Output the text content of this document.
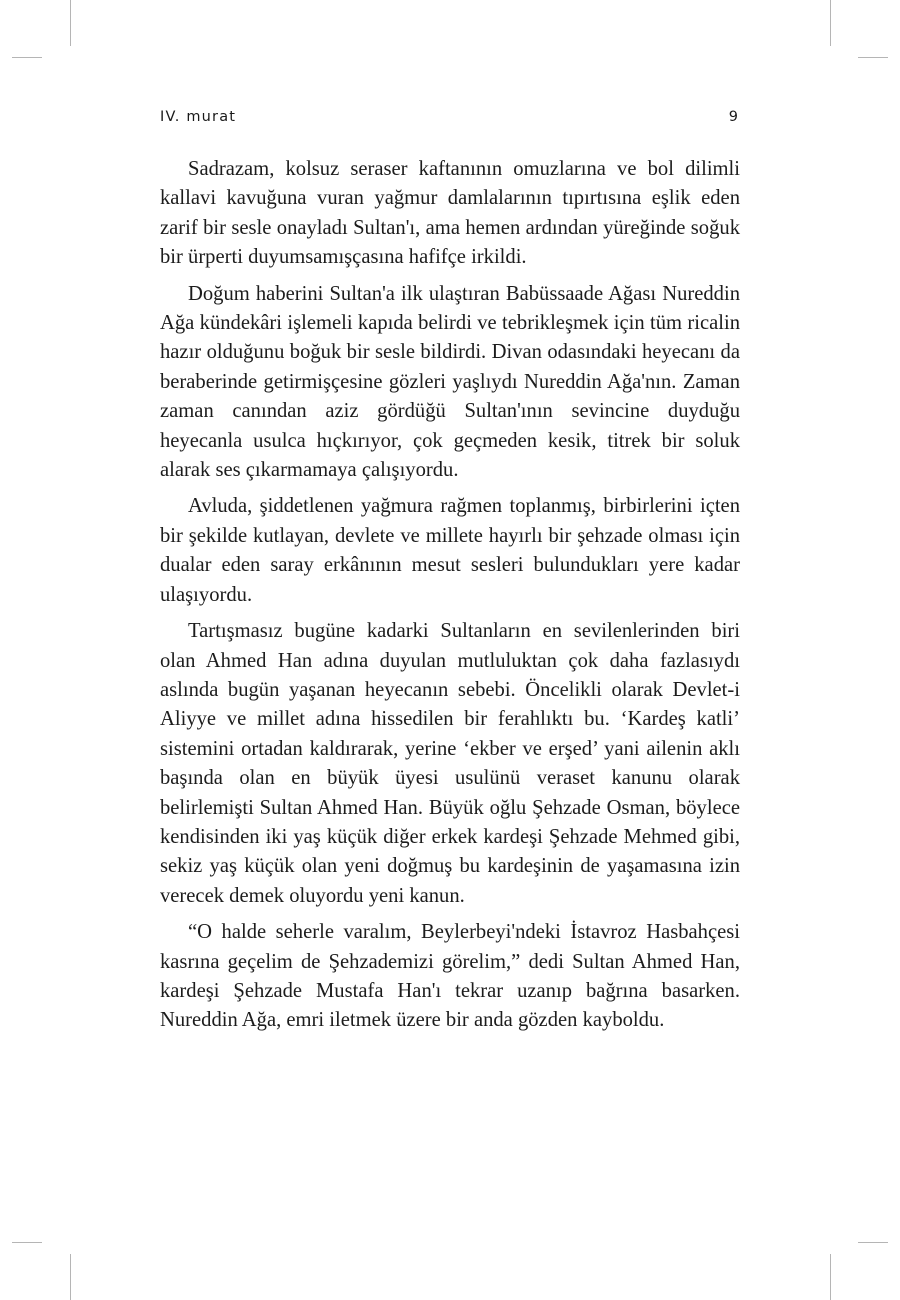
IV. murat	9

Sadrazam, kolsuz seraser kaftanının omuzlarına ve bol dilimli kallavi kavuğuna vuran yağmur damlalarının tıpırtısına eşlik eden zarif bir sesle onayladı Sultan'ı, ama hemen ardından yüreğinde soğuk bir ürperti duyumsamışçasına hafifçe irkildi.

Doğum haberini Sultan'a ilk ulaştıran Babüssaade Ağası Nureddin Ağa kündekâri işlemeli kapıda belirdi ve tebrikleşmek için tüm ricalin hazır olduğunu boğuk bir sesle bildirdi. Divan odasındaki heyecanı da beraberinde getirmişçesine gözleri yaşlıydı Nureddin Ağa'nın. Zaman zaman canından aziz gördüğü Sultan'ının sevincine duyduğu heyecanla usulca hıçkırıyor, çok geçmeden kesik, titrek bir soluk alarak ses çıkarmamaya çalışıyordu.

Avluda, şiddetlenen yağmura rağmen toplanmış, birbirlerini içten bir şekilde kutlayan, devlete ve millete hayırlı bir şehzade olması için dualar eden saray erkânının mesut sesleri bulundukları yere kadar ulaşıyordu.

Tartışmasız bugüne kadarki Sultanların en sevilenlerinden biri olan Ahmed Han adına duyulan mutluluktan çok daha fazlasıydı aslında bugün yaşanan heyecanın sebebi. Öncelikli olarak Devlet-i Aliyye ve millet adına hissedilen bir ferahlıktı bu. ‘Kardeş katli’ sistemini ortadan kaldırarak, yerine ‘ekber ve erşed’ yani ailenin aklı başında olan en büyük üyesi usulünü veraset kanunu olarak belirlemişti Sultan Ahmed Han. Büyük oğlu Şehzade Osman, böylece kendisinden iki yaş küçük diğer erkek kardeşi Şehzade Mehmed gibi, sekiz yaş küçük olan yeni doğmuş bu kardeşinin de yaşamasına izin verecek demek oluyordu yeni kanun.

“O halde seherle varalım, Beylerbeyi'ndeki İstavroz Hasbahçesi kasrına geçelim de Şehzademizi görelim,” dedi Sultan Ahmed Han, kardeşi Şehzade Mustafa Han'ı tekrar uzanıp bağrına basarken. Nureddin Ağa, emri iletmek üzere bir anda gözden kayboldu.
